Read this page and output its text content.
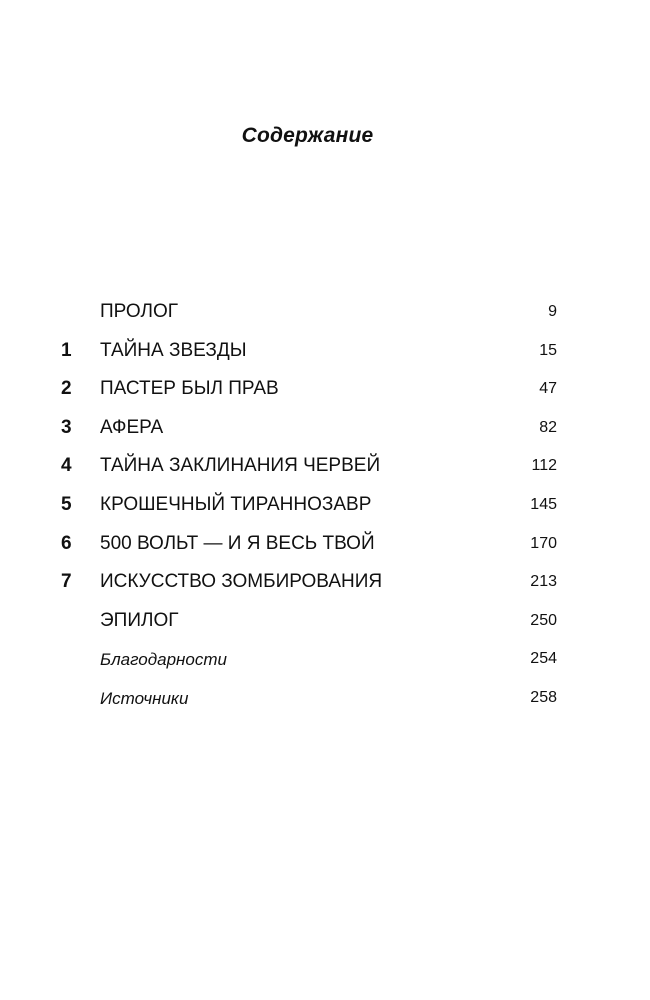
Содержание
ПРОЛОГ	9
1 ТАЙНА ЗВЕЗДЫ	15
2 ПАСТЕР БЫЛ ПРАВ	47
3 АФЕРА	82
4 ТАЙНА ЗАКЛИНАНИЯ ЧЕРВЕЙ	112
5 КРОШЕЧНЫЙ ТИРАННОЗАВР	145
6 500 ВОЛЬТ — И Я ВЕСЬ ТВОЙ	170
7 ИСКУССТВО ЗОМБИРОВАНИЯ	213
ЭПИЛОГ	250
Благодарности	254
Источники	258
